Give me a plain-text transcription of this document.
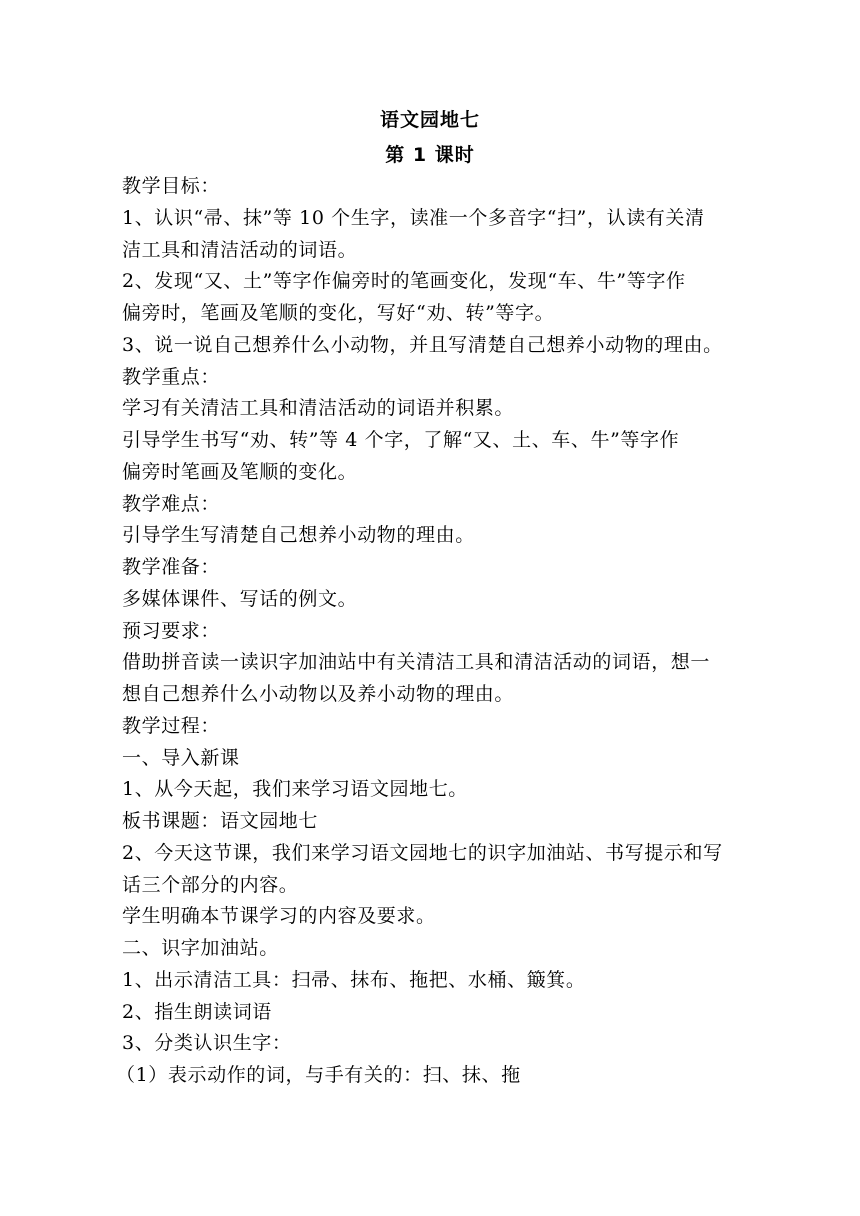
语文园地七
第 1 课时
教学目标：
1、认识“帚、抹”等 10 个生字，读准一个多音字“扫”，认读有关清
洁工具和清洁活动的词语。
2、发现“又、土”等字作偏旁时的笔画变化，发现“车、牛”等字作
偏旁时，笔画及笔顺的变化，写好“劝、转”等字。
3、说一说自己想养什么小动物，并且写清楚自己想养小动物的理由。
教学重点：
学习有关清洁工具和清洁活动的词语并积累。
引导学生书写“劝、转”等 4 个字，了解“又、土、车、牛”等字作
偏旁时笔画及笔顺的变化。
教学难点：
引导学生写清楚自己想养小动物的理由。
教学准备：
多媒体课件、写话的例文。
预习要求：
借助拼音读一读识字加油站中有关清洁工具和清洁活动的词语，想一
想自己想养什么小动物以及养小动物的理由。
教学过程：
一、导入新课
1、从今天起，我们来学习语文园地七。
板书课题：语文园地七
2、今天这节课，我们来学习语文园地七的识字加油站、书写提示和写
话三个部分的内容。
学生明确本节课学习的内容及要求。
二、识字加油站。
1、出示清洁工具：扫帚、抹布、拖把、水桶、簸箕。
2、指生朗读词语
3、分类认识生字：
（1）表示动作的词，与手有关的：扫、抹、拖
